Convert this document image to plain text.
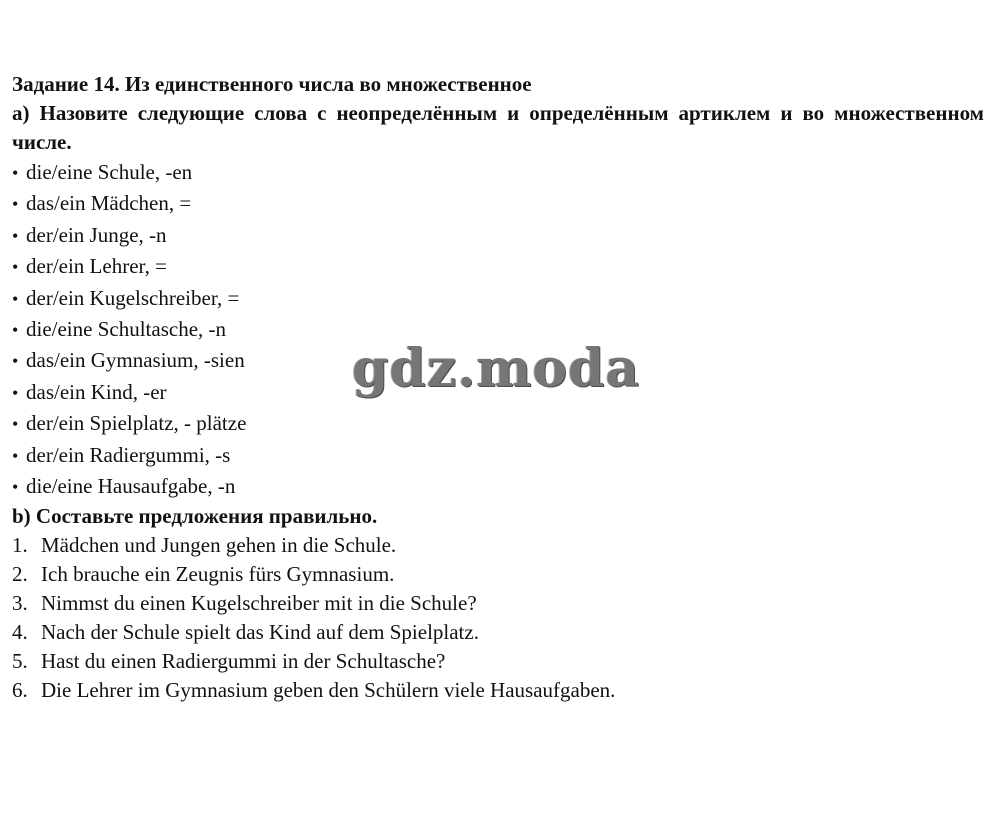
Задание 14. Из единственного числа во множественное

а) Назовите следующие слова с неопределённым и определённым артиклем и во множественном числе.

• die/eine Schule, -en
• das/ein Mädchen, =
• der/ein Junge, -n
• der/ein Lehrer, =
• der/ein Kugelschreiber, =
• die/eine Schultasche, -n
• das/ein Gymnasium, -sien
• das/ein Kind, -er
• der/ein Spielplatz, - plätze
• der/ein Radiergummi, -s
• die/eine Hausaufgabe, -n

b) Составьте предложения правильно.

1. Mädchen und Jungen gehen in die Schule.
2. Ich brauche ein Zeugnis fürs Gymnasium.
3. Nimmst du einen Kugelschreiber mit in die Schule?
4. Nach der Schule spielt das Kind auf dem Spielplatz.
5. Hast du einen Radiergummi in der Schultasche?
6. Die Lehrer im Gymnasium geben den Schülern viele Hausaufgaben.
gdz.moda
